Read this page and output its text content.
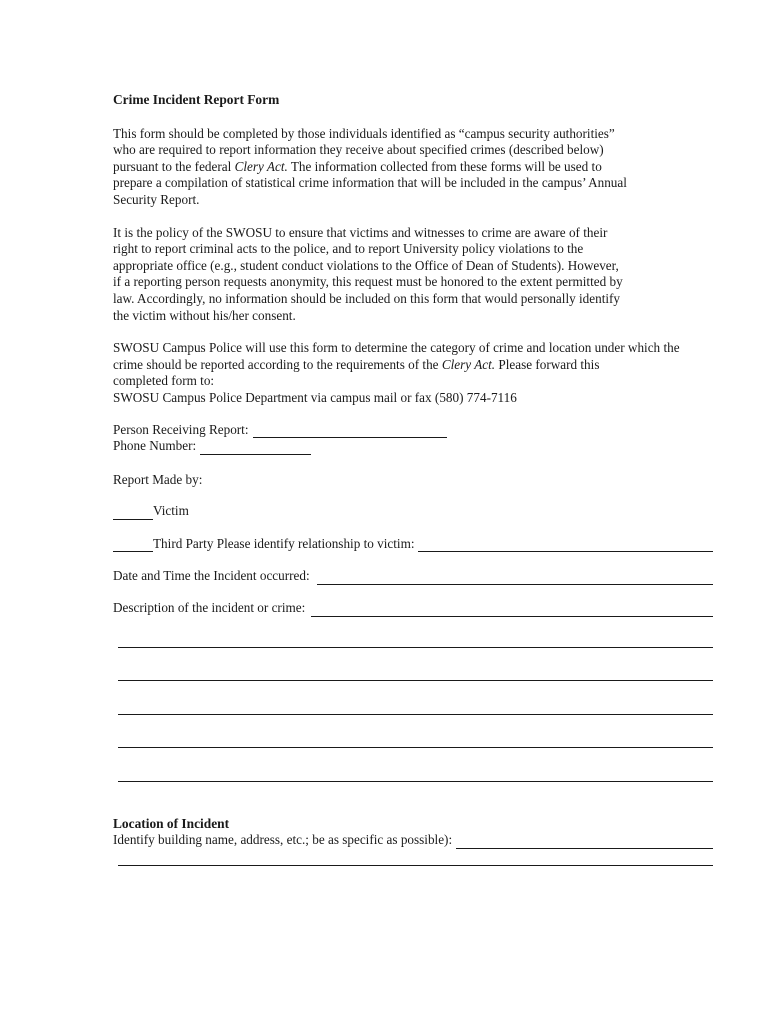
Crime Incident Report Form
This form should be completed by those individuals identified as “campus security authorities”
who are required to report information they receive about specified crimes (described below)
pursuant to the federal Clery Act. The information collected from these forms will be used to
prepare a compilation of statistical crime information that will be included in the campus’ Annual
Security Report.
It is the policy of the SWOSU to ensure that victims and witnesses to crime are aware of their
right to report criminal acts to the police, and to report University policy violations to the
appropriate office (e.g., student conduct violations to the Office of Dean of Students). However,
if a reporting person requests anonymity, this request must be honored to the extent permitted by
law. Accordingly, no information should be included on this form that would personally identify
the victim without his/her consent.
SWOSU Campus Police will use this form to determine the category of crime and location under which the
crime should be reported according to the requirements of the Clery Act. Please forward this
completed form to:
SWOSU Campus Police Department via campus mail or fax (580) 774-7116
Person Receiving Report:
Phone Number:
Report Made by:
Victim
Third Party Please identify relationship to victim:
Date and Time the Incident occurred:
Description of the incident or crime:
Location of Incident
Identify building name, address, etc.; be as specific as possible):
